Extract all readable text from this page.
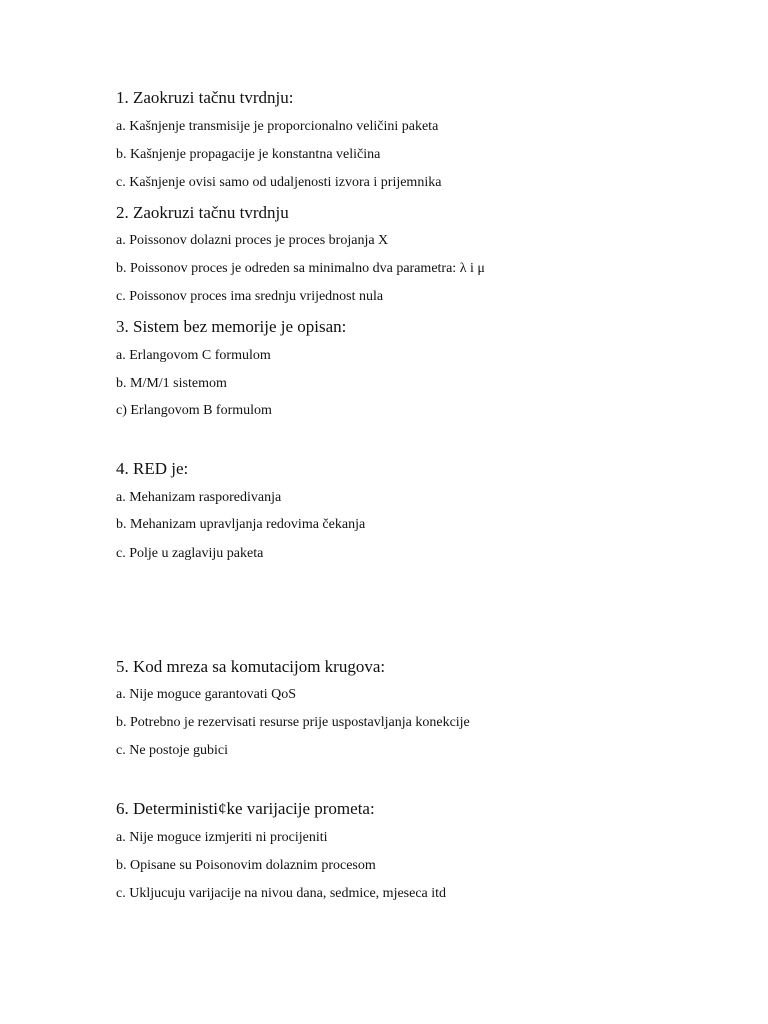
1. Zaokruzi tačnu tvrdnju:
a. Kašnjenje transmisije je proporcionalno veličini paketa
b. Kašnjenje propagacije je konstantna veličina
c. Kašnjenje ovisi samo od udaljenosti izvora i prijemnika
2. Zaokruzi tačnu tvrdnju
a. Poissonov dolazni proces je proces brojanja X
b. Poissonov proces je odreden sa minimalno dva parametra: λ i μ
c. Poissonov proces ima srednju vrijednost nula
3. Sistem bez memorije je opisan:
a. Erlangovom C formulom
b. M/M/1 sistemom
c) Erlangovom B formulom
4. RED je:
a. Mehanizam rasporedivanja
b. Mehanizam upravljanja redovima čekanja
c. Polje u zaglaviju paketa
5. Kod mreza sa komutacijom krugova:
a. Nije moguce garantovati QoS
b. Potrebno je rezervisati resurse prije uspostavljanja konekcije
c. Ne postoje gubici
6. Deterministi¢ke varijacije prometa:
a. Nije moguce izmjeriti ni procijeniti
b. Opisane su Poisonovim dolaznim procesom
c. Ukljucuju varijacije na nivou dana, sedmice, mjeseca itd
